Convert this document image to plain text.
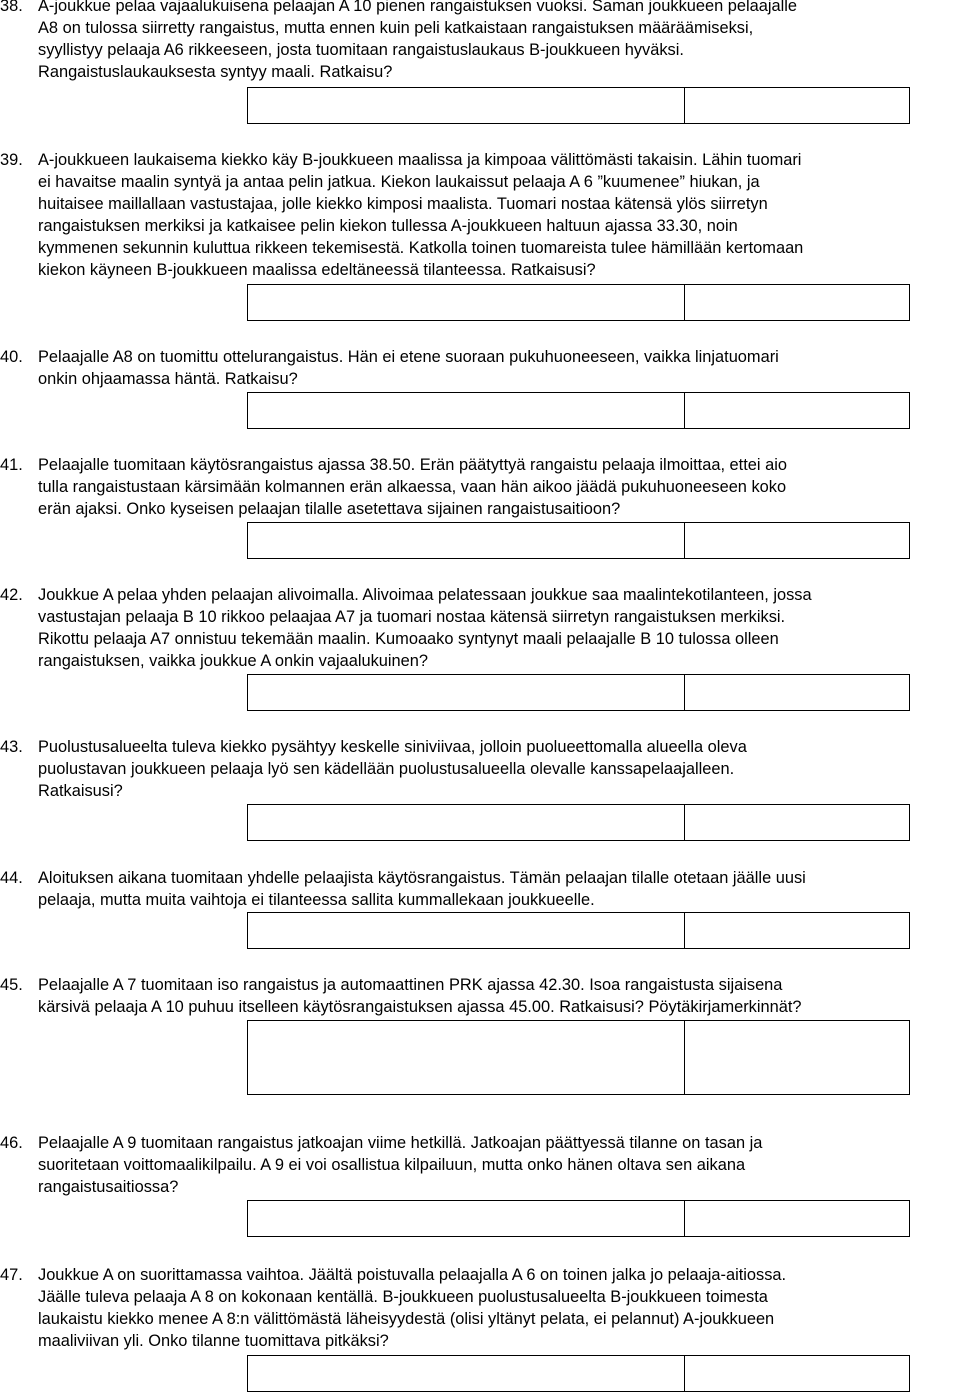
38. A-joukkue pelaa vajaalukuisena pelaajan A 10 pienen rangaistuksen vuoksi. Saman joukkueen pelaajalle
A8 on tulossa siirretty rangaistus, mutta ennen kuin peli katkaistaan rangaistuksen määräämiseksi,
syyllistyy pelaaja A6 rikkeeseen, josta tuomitaan rangaistuslaukaus B-joukkueen hyväksi.
Rangaistuslaukauksesta syntyy maali. Ratkaisu?
39. A-joukkueen laukaisema kiekko käy B-joukkueen maalissa ja kimpoaa välittömästi takaisin. Lähin tuomari
ei havaitse maalin syntyä ja antaa pelin jatkua. Kiekon laukaissut pelaaja A 6 ”kuumenee” hiukan, ja
huitaisee maillallaan vastustajaa, jolle kiekko kimposi maalista. Tuomari nostaa kätensä ylös siirretyn
rangaistuksen merkiksi ja katkaisee pelin kiekon tullessa A-joukkueen haltuun ajassa 33.30, noin
kymmenen sekunnin kuluttua rikkeen tekemisestä. Katkolla toinen tuomareista tulee hämillään kertomaan
kiekon käyneen B-joukkueen maalissa edeltäneessä tilanteessa. Ratkaisusi?
40. Pelaajalle A8 on tuomittu ottelurangaistus. Hän ei etene suoraan pukuhuoneeseen, vaikka linjatuomari
onkin ohjaamassa häntä. Ratkaisu?
41. Pelaajalle tuomitaan käytösrangaistus ajassa 38.50. Erän päätyttyä rangaistu pelaaja ilmoittaa, ettei aio
tulla rangaistustaan kärsimään kolmannen erän alkaessa, vaan hän aikoo jäädä pukuhuoneeseen koko
erän ajaksi. Onko kyseisen pelaajan tilalle asetettava sijainen rangaistusaitioon?
42. Joukkue A pelaa yhden pelaajan alivoimalla. Alivoimaa pelatessaan joukkue saa maalintekotilanteen, jossa
vastustajan pelaaja B 10 rikkoo pelaajaa A7 ja tuomari nostaa kätensä siirretyn rangaistuksen merkiksi.
Rikottu pelaaja A7 onnistuu tekemään maalin. Kumoaako syntynyt maali pelaajalle B 10 tulossa olleen
rangaistuksen, vaikka joukkue A onkin vajaalukuinen?
43. Puolustusalueelta tuleva kiekko pysähtyy keskelle siniviivaa, jolloin puolueettomalla alueella oleva
puolustavan joukkueen pelaaja lyö sen kädellään puolustusalueella olevalle kanssapelaajalleen.
Ratkaisusi?
44. Aloituksen aikana tuomitaan yhdelle pelaajista käytösrangaistus. Tämän pelaajan tilalle otetaan jäälle uusi
pelaaja, mutta muita vaihtoja ei tilanteessa sallita kummallekaan joukkueelle.
45. Pelaajalle A 7 tuomitaan iso rangaistus ja automaattinen PRK ajassa 42.30. Isoa rangaistusta sijaisena
kärsivä pelaaja A 10 puhuu itselleen käytösrangaistuksen ajassa 45.00. Ratkaisusi? Pöytäkirjamerkinnät?
46. Pelaajalle A 9 tuomitaan rangaistus jatkoajan viime hetkillä. Jatkoajan päättyessä tilanne on tasan ja
suoritetaan voittomaalikilpailu. A 9 ei voi osallistua kilpailuun, mutta onko hänen oltava sen aikana
rangaistusaitiossa?
47. Joukkue A on suorittamassa vaihtoa. Jäältä poistuvalla pelaajalla A 6 on toinen jalka jo pelaaja-aitiossa.
Jäälle tuleva pelaaja A 8 on kokonaan kentällä. B-joukkueen puolustusalueelta B-joukkueen toimesta
laukaistu kiekko menee A 8:n välittömästä läheisyydestä (olisi yltänyt pelata, ei pelannut) A-joukkueen
maaliviivan yli. Onko tilanne tuomittava pitkäksi?
